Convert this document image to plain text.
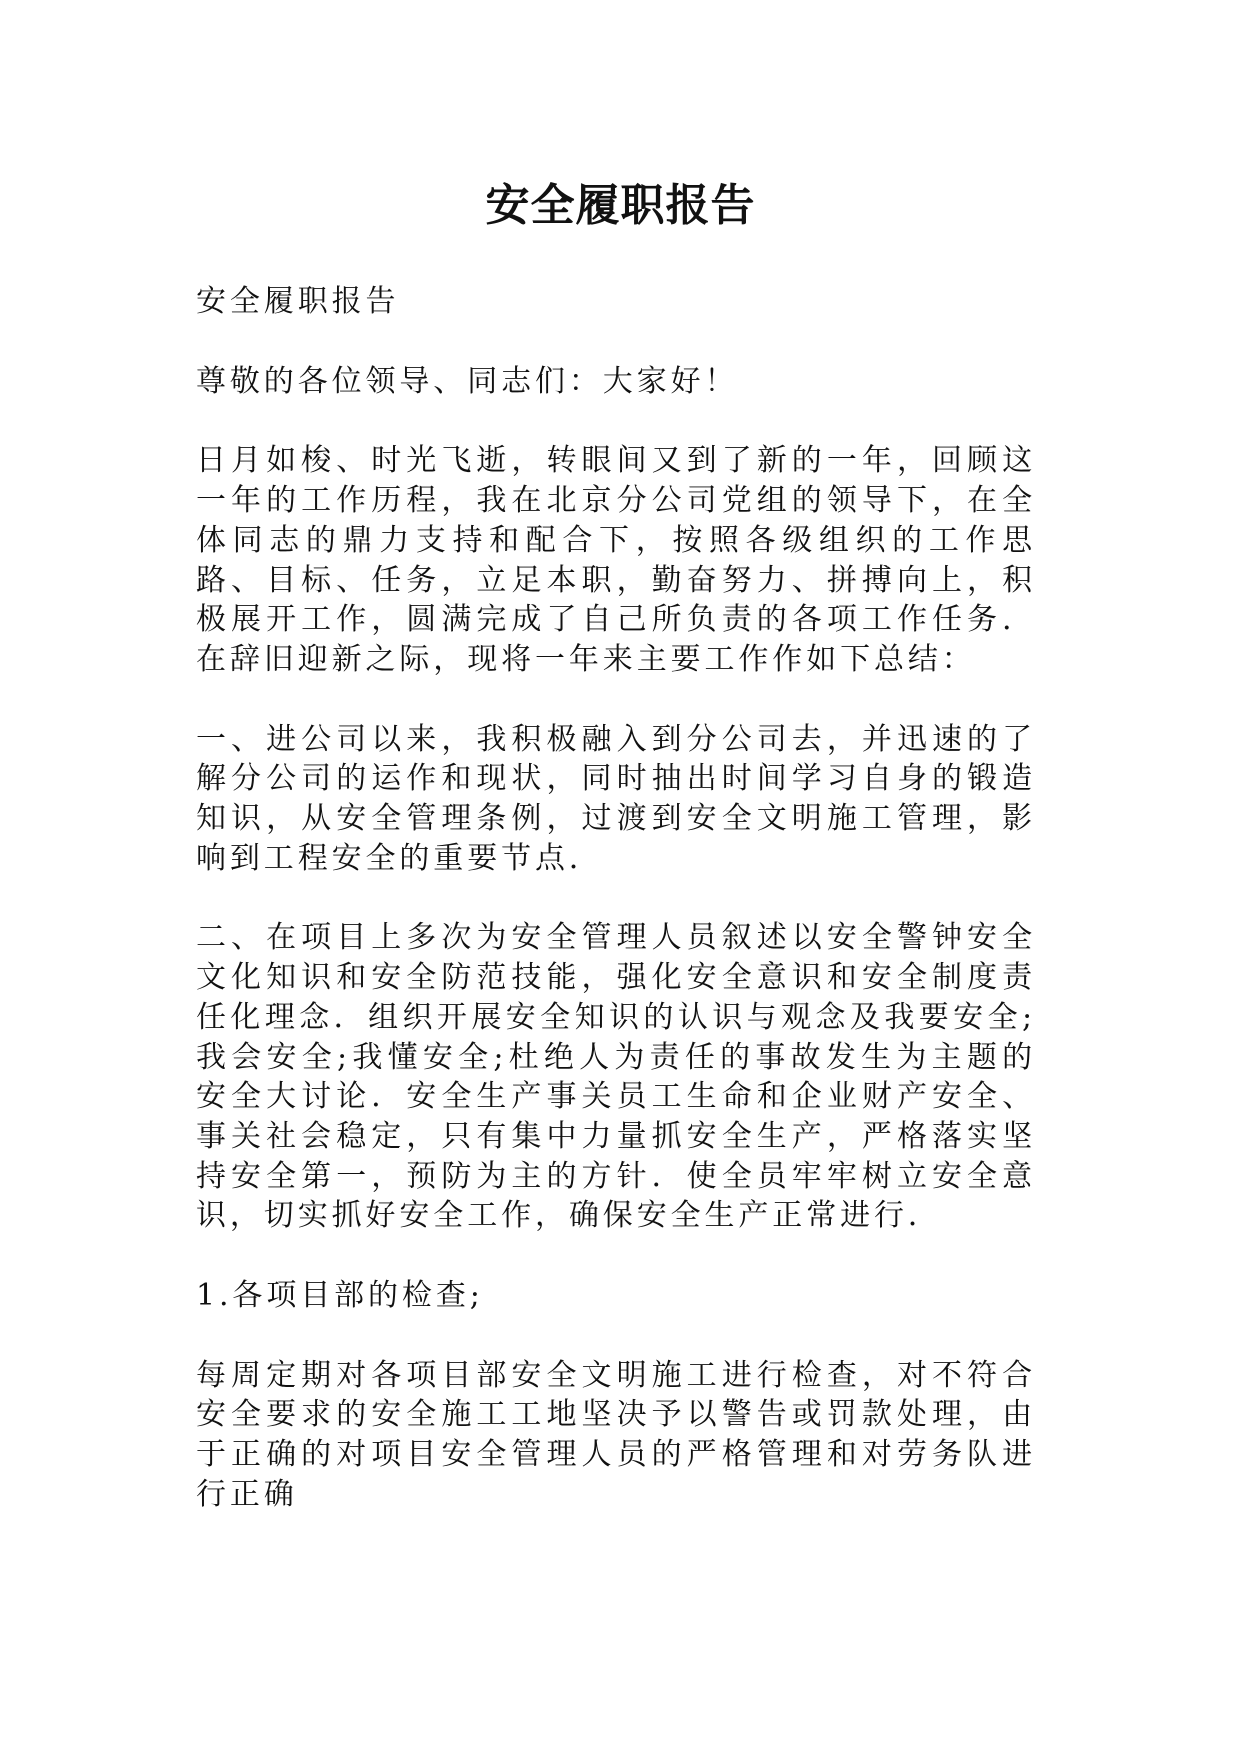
安全履职报告

安全履职报告

尊敬的各位领导、同志们：大家好！

日月如梭、时光飞逝，转眼间又到了新的一年，回顾这一年的工作历程，我在北京分公司党组的领导下，在全体同志的鼎力支持和配合下，按照各级组织的工作思路、目标、任务，立足本职，勤奋努力、拼搏向上，积极展开工作，圆满完成了自己所负责的各项工作任务．在辞旧迎新之际，现将一年来主要工作作如下总结：

一、进公司以来，我积极融入到分公司去，并迅速的了解分公司的运作和现状，同时抽出时间学习自身的锻造知识，从安全管理条例，过渡到安全文明施工管理，影响到工程安全的重要节点．

二、在项目上多次为安全管理人员叙述以安全警钟安全文化知识和安全防范技能，强化安全意识和安全制度责任化理念．组织开展安全知识的认识与观念及我要安全;我会安全;我懂安全;杜绝人为责任的事故发生为主题的安全大讨论．安全生产事关员工生命和企业财产安全、事关社会稳定，只有集中力量抓安全生产，严格落实坚持安全第一，预防为主的方针．使全员牢牢树立安全意识，切实抓好安全工作，确保安全生产正常进行．

1.各项目部的检查;

每周定期对各项目部安全文明施工进行检查，对不符合安全要求的安全施工工地坚决予以警告或罚款处理，由于正确的对项目安全管理人员的严格管理和对劳务队进行正确
